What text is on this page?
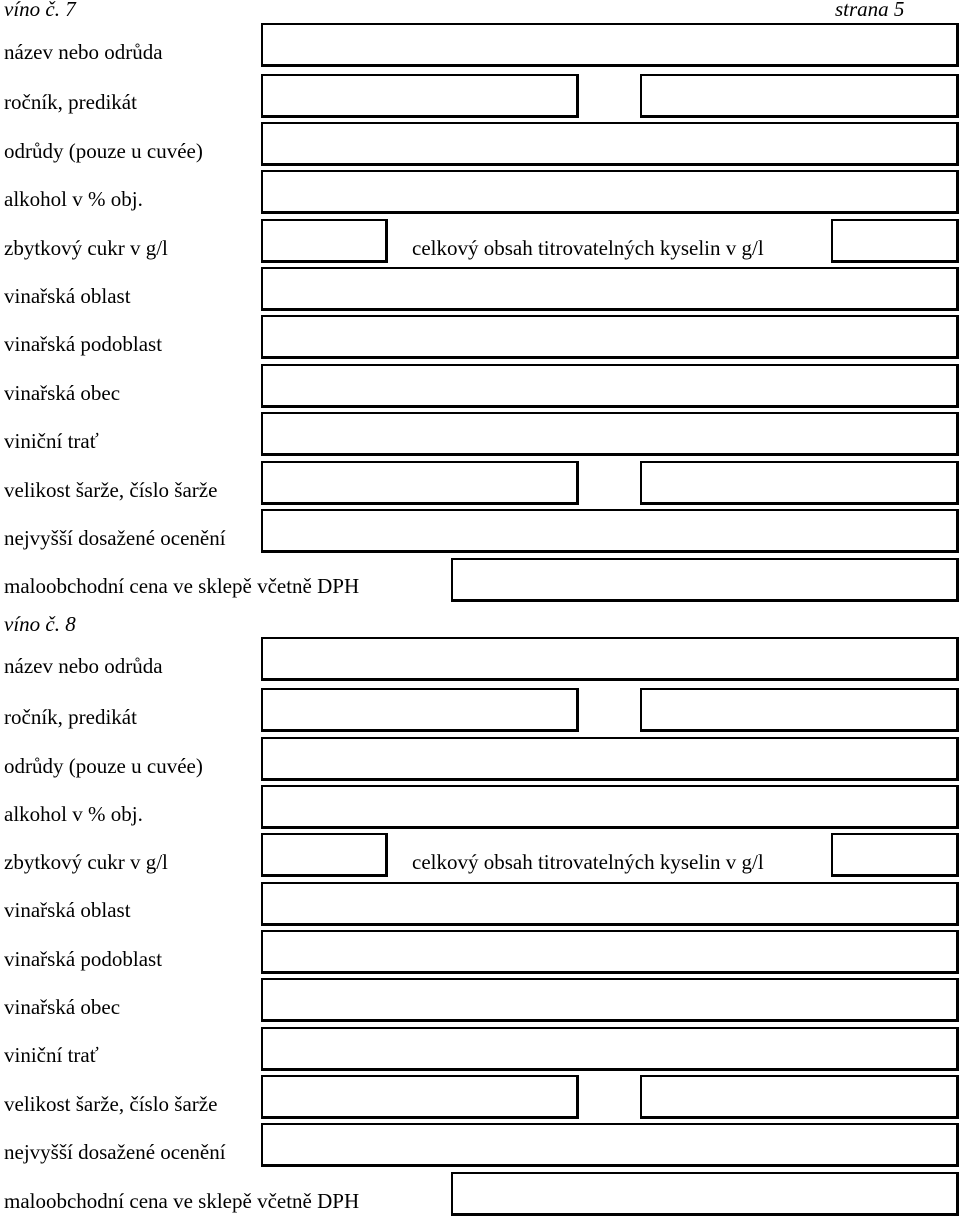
víno č. 7	strana 5
název nebo odrůda
ročník, predikát
odrůdy (pouze u cuvée)
alkohol v % obj.
zbytkový cukr v g/l	celkový obsah titrovatelných kyselin v g/l
vinařská oblast
vinařská podoblast
vinařská obec
viniční trať
velikost šarže, číslo šarže
nejvyšší dosažené ocenění
maloobchodní cena ve sklepě včetně DPH
víno č. 8
název nebo odrůda
ročník, predikát
odrůdy (pouze u cuvée)
alkohol v % obj.
zbytkový cukr v g/l	celkový obsah titrovatelných kyselin v g/l
vinařská oblast
vinařská podoblast
vinařská obec
viniční trať
velikost šarže, číslo šarže
nejvyšší dosažené ocenění
maloobchodní cena ve sklepě včetně DPH
